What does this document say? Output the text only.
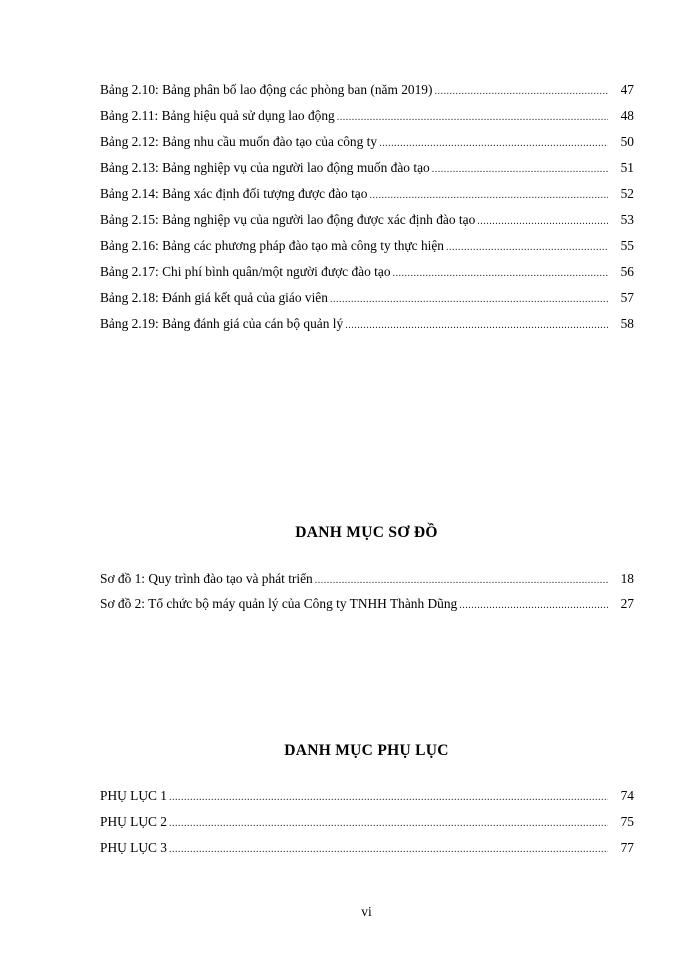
Bảng 2.10: Bảng phân bố lao động các phòng ban (năm 2019) .....	47
Bảng 2.11: Bảng hiệu quả sử dụng lao động .....	48
Bảng 2.12: Bảng nhu cầu muốn đào tạo của công ty .....	50
Bảng 2.13: Bảng nghiệp vụ của người lao động muốn đào tạo .....	51
Bảng 2.14: Bảng xác định đối tượng được đào tạo .....	52
Bảng 2.15: Bảng nghiệp vụ của người lao động được xác định đào tạo .....	53
Bảng 2.16: Bảng các phương pháp đào tạo mà công ty thực hiện .....	55
Bảng 2.17: Chi phí bình quân/một người được đào tạo .....	56
Bảng 2.18: Đánh giá kết quả của giáo viên .....	57
Bảng 2.19: Bảng đánh giá của cán bộ quản lý .....	58
DANH MỤC SƠ ĐỒ
Sơ đồ 1: Quy trình đào tạo và phát triển .....	18
Sơ đồ 2: Tổ chức bộ máy quản lý của Công ty TNHH Thành Dũng .....	27
DANH MỤC PHỤ LỤC
PHỤ LỤC 1 .....	74
PHỤ LỤC 2 .....	75
PHỤ LỤC 3 .....	77
vi
